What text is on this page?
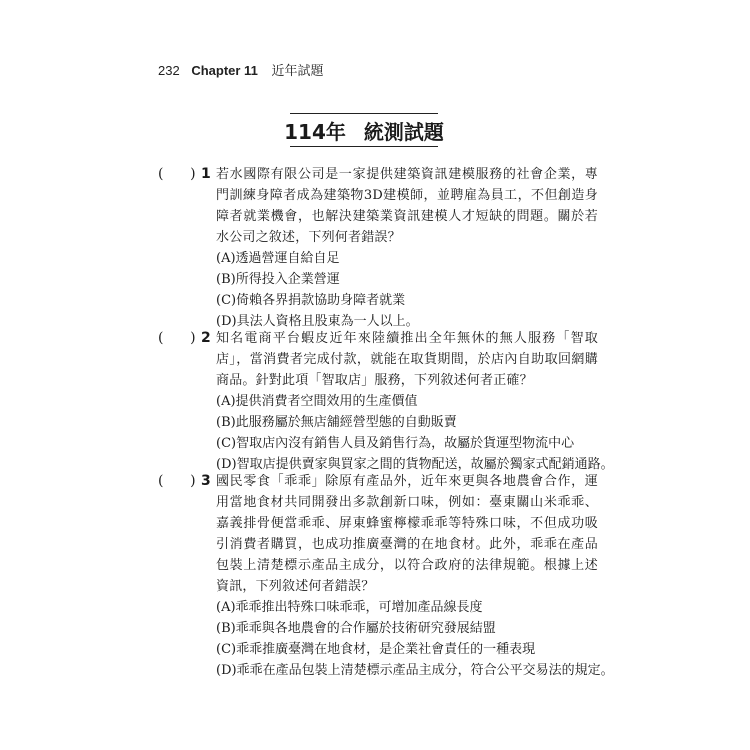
232 Chapter 11 近年試題
114年 統測試題
(      ) 1 若水國際有限公司是一家提供建築資訊建模服務的社會企業，專門訓練身障者成為建築物3D建模師，並聘雇為員工，不但創造身障者就業機會，也解決建築業資訊建模人才短缺的問題。關於若水公司之敘述，下列何者錯誤？
(A)透過營運自給自足
(B)所得投入企業營運
(C)倚賴各界捐款協助身障者就業
(D)具法人資格且股東為一人以上。
(      ) 2 知名電商平台蝦皮近年來陸續推出全年無休的無人服務「智取店」，當消費者完成付款，就能在取貨期間，於店內自助取回網購商品。針對此項「智取店」服務，下列敘述何者正確？
(A)提供消費者空間效用的生產價值
(B)此服務屬於無店舖經營型態的自動販賣
(C)智取店內沒有銷售人員及銷售行為，故屬於貨運型物流中心
(D)智取店提供賣家與買家之間的貨物配送，故屬於獨家式配銷通路。
(      ) 3 國民零食「乖乖」除原有產品外，近年來更與各地農會合作，運用當地食材共同開發出多款創新口味，例如：臺東關山米乖乖、嘉義排骨便當乖乖、屏東蜂蜜檸檬乖乖等特殊口味，不但成功吸引消費者購買，也成功推廣臺灣的在地食材。此外，乖乖在產品包裝上清楚標示產品主成分，以符合政府的法律規範。根據上述資訊，下列敘述何者錯誤？
(A)乖乖推出特殊口味乖乖，可增加產品線長度
(B)乖乖與各地農會的合作屬於技術研究發展結盟
(C)乖乖推廣臺灣在地食材，是企業社會責任的一種表現
(D)乖乖在產品包裝上清楚標示產品主成分，符合公平交易法的規定。
